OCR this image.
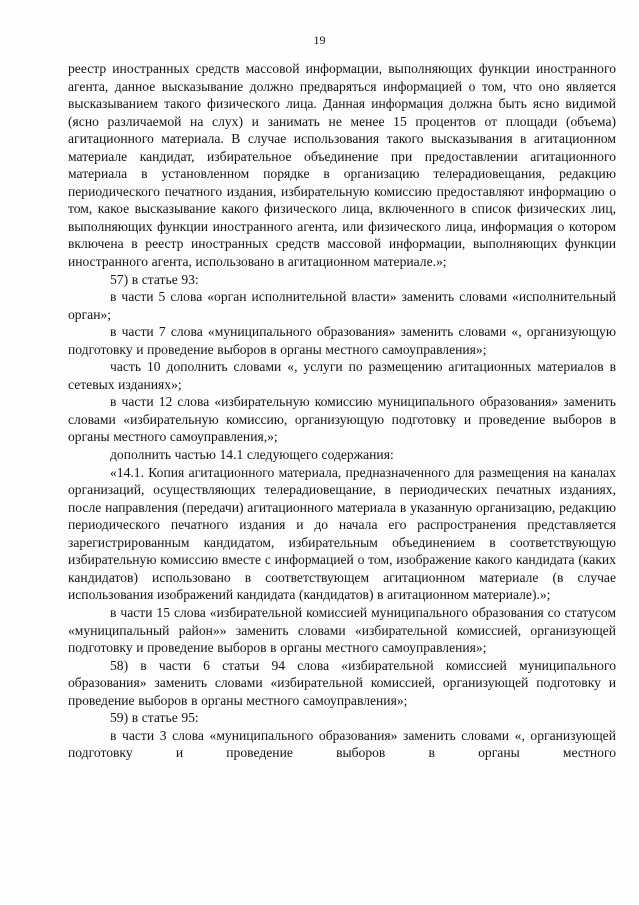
19

реестр иностранных средств массовой информации, выполняющих функции иностранного агента, данное высказывание должно предваряться информацией о том, что оно является высказыванием такого физического лица. Данная информация должна быть ясно видимой (ясно различаемой на слух) и занимать не менее 15 процентов от площади (объема) агитационного материала. В случае использования такого высказывания в агитационном материале кандидат, избирательное объединение при предоставлении агитационного материала в установленном порядке в организацию телерадиовещания, редакцию периодического печатного издания, избирательную комиссию предоставляют информацию о том, какое высказывание какого физического лица, включенного в список физических лиц, выполняющих функции иностранного агента, или физического лица, информация о котором включена в реестр иностранных средств массовой информации, выполняющих функции иностранного агента, использовано в агитационном материале.»;

57) в статье 93:

в части 5 слова «орган исполнительной власти» заменить словами «исполнительный орган»;

в части 7 слова «муниципального образования» заменить словами «, организующую подготовку и проведение выборов в органы местного самоуправления»;

часть 10 дополнить словами «, услуги по размещению агитационных материалов в сетевых изданиях»;

в части 12 слова «избирательную комиссию муниципального образования» заменить словами «избирательную комиссию, организующую подготовку и проведение выборов в органы местного самоуправления,»;

дополнить частью 14.1 следующего содержания:

«14.1. Копия агитационного материала, предназначенного для размещения на каналах организаций, осуществляющих телерадиовещание, в периодических печатных изданиях, после направления (передачи) агитационного материала в указанную организацию, редакцию периодического печатного издания и до начала его распространения представляется зарегистрированным кандидатом, избирательным объединением в соответствующую избирательную комиссию вместе с информацией о том, изображение какого кандидата (каких кандидатов) использовано в соответствующем агитационном материале (в случае использования изображений кандидата (кандидатов) в агитационном материале).»;

в части 15 слова «избирательной комиссией муниципального образования со статусом «муниципальный район»» заменить словами «избирательной комиссией, организующей подготовку и проведение выборов в органы местного самоуправления»;

58) в части 6 статьи 94 слова «избирательной комиссией муниципального образования» заменить словами «избирательной комиссией, организующей подготовку и проведение выборов в органы местного самоуправления»;

59) в статье 95:

в части 3 слова «муниципального образования» заменить словами «, организующей подготовку и проведение выборов в органы местного
